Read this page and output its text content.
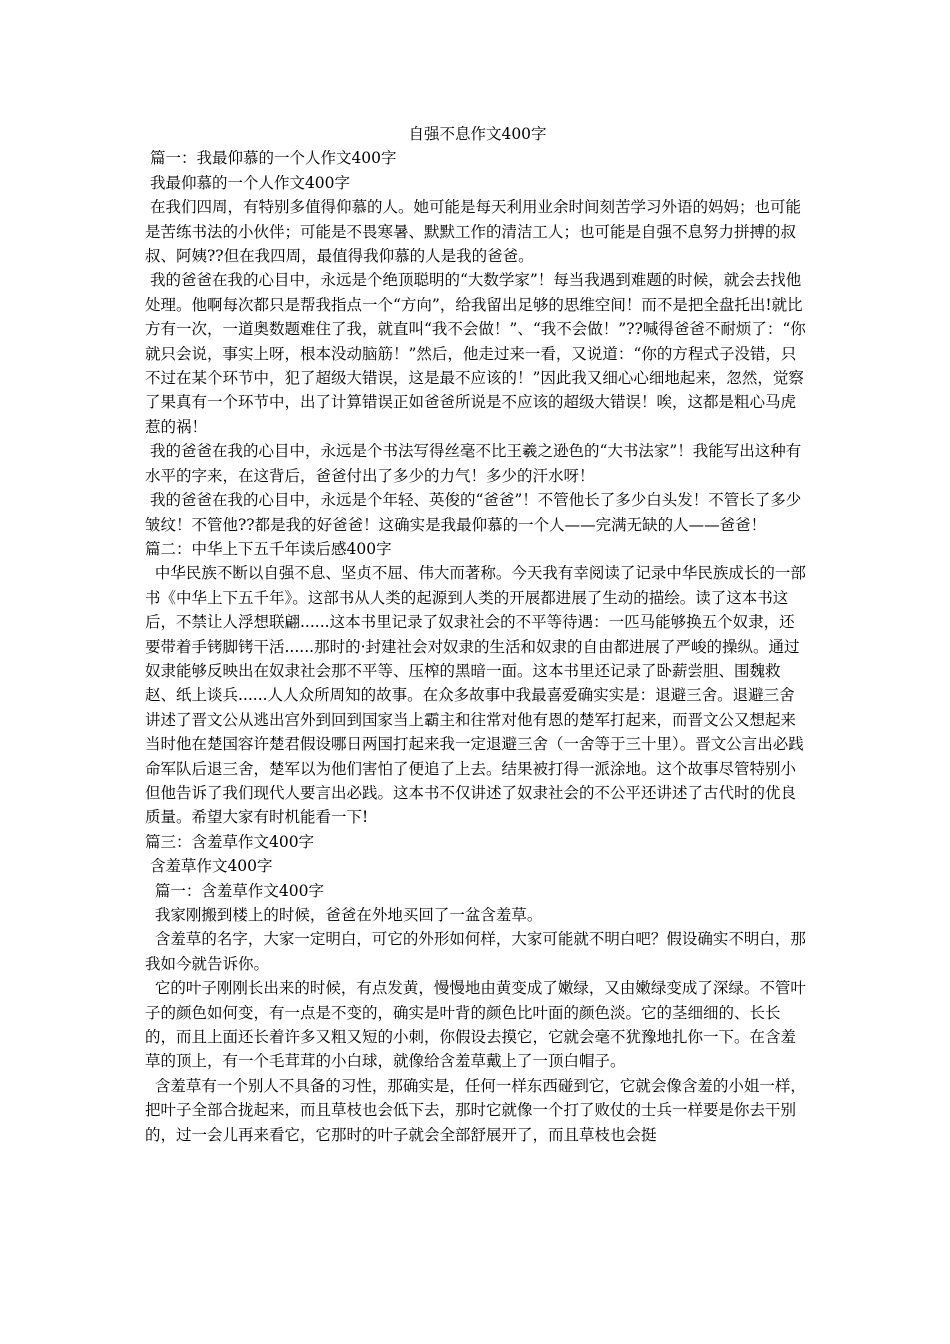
自强不息作文400字
篇一：我最仰慕的一个人作文400字
我最仰慕的一个人作文400字
在我们四周，有特别多值得仰慕的人。她可能是每天利用业余时间刻苦学习外语的妈妈；也可能是苦练书法的小伙伴；可能是不畏寒暑、默默工作的清洁工人；也可能是自强不息努力拼搏的叔叔、阿姨??但在我四周，最值得我仰慕的人是我的爸爸。
我的爸爸在我的心目中，永远是个绝顶聪明的“大数学家”！每当我遇到难题的时候，就会去找他处理。他啊每次都只是帮我指点一个“方向”，给我留出足够的思维空间！而不是把全盘托出!就比方有一次，一道奥数题难住了我，就直叫“我不会做！”、“我不会做！”??喊得爸爸不耐烦了：“你就只会说，事实上呀，根本没动脑筋！”然后，他走过来一看，又说道：“你的方程式子没错，只不过在某个环节中，犯了超级大错误，这是最不应该的！”因此我又细心心细地起来，忽然，觉察了果真有一个环节中，出了计算错误正如爸爸所说是不应该的超级大错误！唉，这都是粗心马虎惹的祸！
我的爸爸在我的心目中，永远是个书法写得丝毫不比王羲之逊色的“大书法家”！我能写出这种有水平的字来，在这背后，爸爸付出了多少的力气！多少的汗水呀！
我的爸爸在我的心目中，永远是个年轻、英俊的“爸爸”！不管他长了多少白头发！不管长了多少皱纹！不管他??都是我的好爸爸！这确实是我最仰慕的一个人——完满无缺的人——爸爸！
篇二：中华上下五千年读后感400字
中华民族不断以自强不息、坚贞不屈、伟大而著称。今天我有幸阅读了记录中华民族成长的一部书《中华上下五千年》。这部书从人类的起源到人类的开展都进展了生动的描绘。读了这本书这后，不禁让人浮想联翩......这本书里记录了奴隶社会的不平等待遇：一匹马能够换五个奴隶，还要带着手铐脚铐干活......那时的·封建社会对奴隶的生活和奴隶的自由都进展了严峻的操纵。通过奴隶能够反映出在奴隶社会那不平等、压榨的黑暗一面。这本书里还记录了卧薪尝胆、围魏救赵、纸上谈兵......人人众所周知的故事。在众多故事中我最喜爱确实实是：退避三舍。退避三舍讲述了晋文公从逃出宫外到回到国家当上霸主和往常对他有恩的楚军打起来，而晋文公又想起来当时他在楚国容许楚君假设哪日两国打起来我一定退避三舍（一舍等于三十里）。晋文公言出必践命军队后退三舍，楚军以为他们害怕了便追了上去。结果被打得一派涂地。这个故事尽管特别小但他告诉了我们现代人要言出必践。这本书不仅讲述了奴隶社会的不公平还讲述了古代时的优良质量。希望大家有时机能看一下!
篇三：含羞草作文400字
含羞草作文400字
篇一：含羞草作文400字
我家刚搬到楼上的时候，爸爸在外地买回了一盆含羞草。
含羞草的名字，大家一定明白，可它的外形如何样，大家可能就不明白吧？假设确实不明白，那我如今就告诉你。
它的叶子刚刚长出来的时候，有点发黄，慢慢地由黄变成了嫩绿，又由嫩绿变成了深绿。不管叶子的颜色如何变，有一点是不变的，确实是叶背的颜色比叶面的颜色淡。它的茎细细的、长长的，而且上面还长着许多又粗又短的小刺，你假设去摸它，它就会毫不犹豫地扎你一下。在含羞草的顶上，有一个毛茸茸的小白球，就像给含羞草戴上了一顶白帽子。
含羞草有一个别人不具备的习性，那确实是，任何一样东西碰到它，它就会像含羞的小姐一样，把叶子全部合拢起来，而且草枝也会低下去，那时它就像一个打了败仗的士兵一样要是你去干别的，过一会儿再来看它，它那时的叶子就会全部舒展开了，而且草枝也会挺
